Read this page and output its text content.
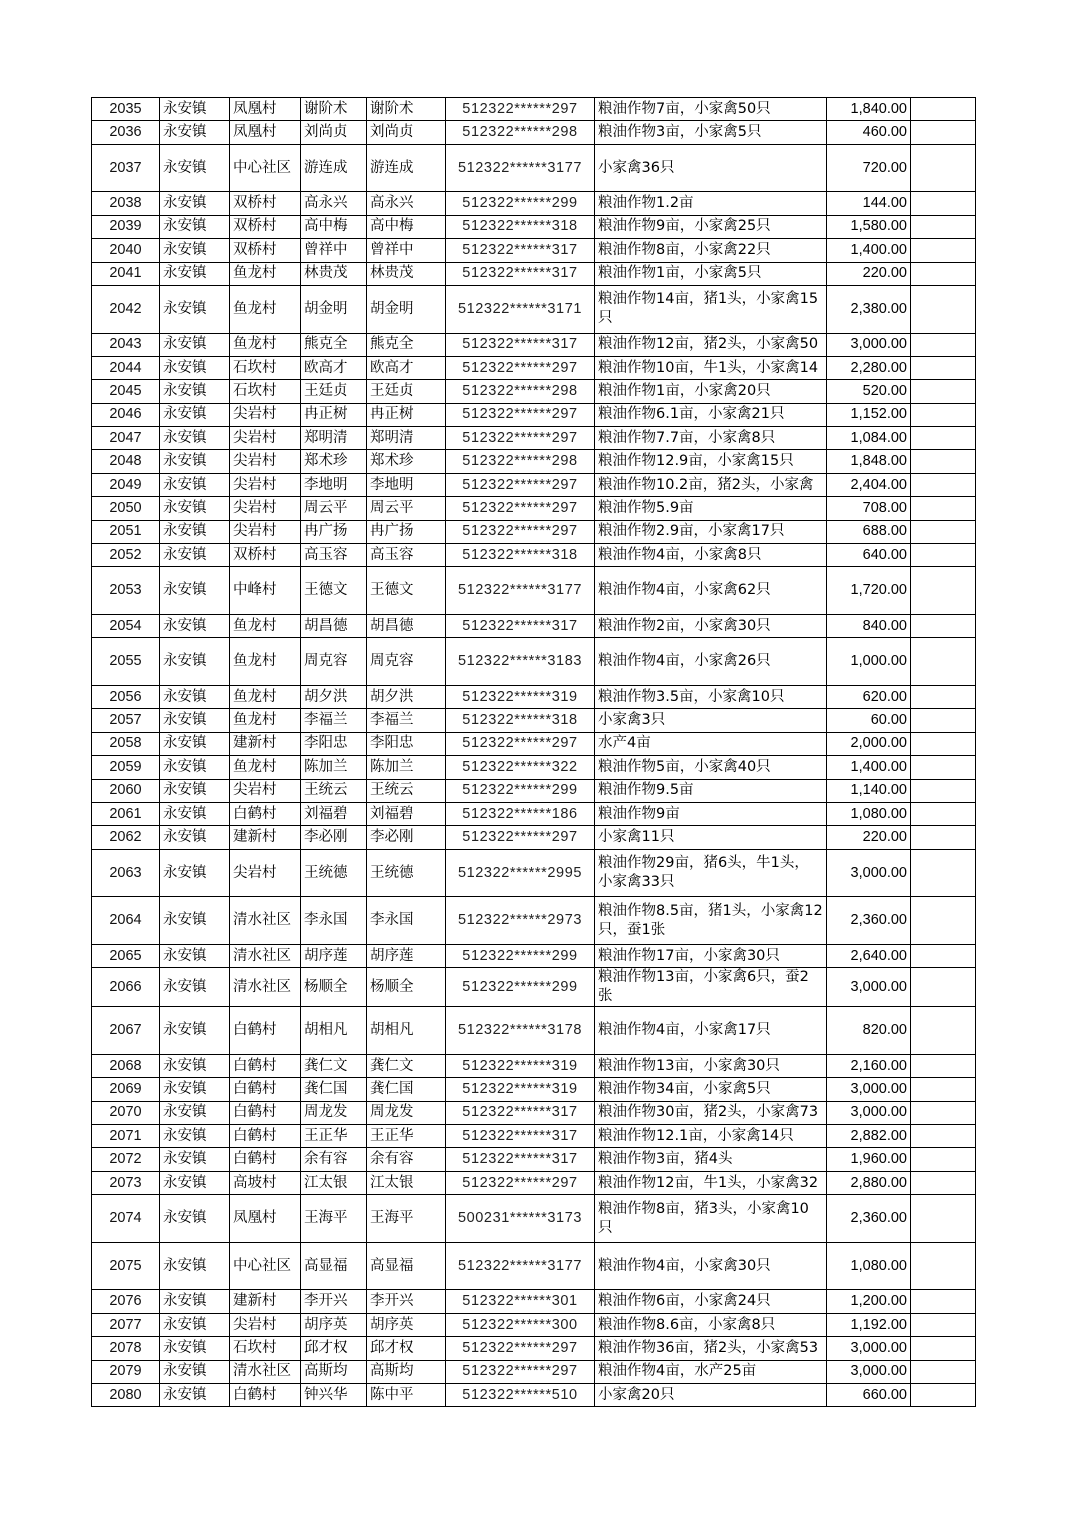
2035	永安镇	凤凰村	谢阶术	谢阶术	512322******297	粮油作物7亩，小家禽50只	1,840.00	
2036	永安镇	凤凰村	刘尚贞	刘尚贞	512322******298	粮油作物3亩，小家禽5只	460.00	
2037	永安镇	中心社区	游连成	游连成	512322******3177	小家禽36只	720.00	
2038	永安镇	双桥村	高永兴	高永兴	512322******299	粮油作物1.2亩	144.00	
2039	永安镇	双桥村	高中梅	高中梅	512322******318	粮油作物9亩，小家禽25只	1,580.00	
2040	永安镇	双桥村	曾祥中	曾祥中	512322******317	粮油作物8亩，小家禽22只	1,400.00	
2041	永安镇	鱼龙村	林贵茂	林贵茂	512322******317	粮油作物1亩，小家禽5只	220.00	
2042	永安镇	鱼龙村	胡金明	胡金明	512322******3171	粮油作物14亩，猪1头，小家禽15只	2,380.00	
2043	永安镇	鱼龙村	熊克全	熊克全	512322******317	粮油作物12亩，猪2头，小家禽50	3,000.00	
2044	永安镇	石坎村	欧高才	欧高才	512322******297	粮油作物10亩，牛1头，小家禽14	2,280.00	
2045	永安镇	石坎村	王廷贞	王廷贞	512322******298	粮油作物1亩，小家禽20只	520.00	
2046	永安镇	尖岩村	冉正树	冉正树	512322******297	粮油作物6.1亩，小家禽21只	1,152.00	
2047	永安镇	尖岩村	郑明清	郑明清	512322******297	粮油作物7.7亩，小家禽8只	1,084.00	
2048	永安镇	尖岩村	郑术珍	郑术珍	512322******298	粮油作物12.9亩，小家禽15只	1,848.00	
2049	永安镇	尖岩村	李地明	李地明	512322******297	粮油作物10.2亩，猪2头，小家禽	2,404.00	
2050	永安镇	尖岩村	周云平	周云平	512322******297	粮油作物5.9亩	708.00	
2051	永安镇	尖岩村	冉广扬	冉广扬	512322******297	粮油作物2.9亩，小家禽17只	688.00	
2052	永安镇	双桥村	高玉容	高玉容	512322******318	粮油作物4亩，小家禽8只	640.00	
2053	永安镇	中峰村	王德文	王德文	512322******3177	粮油作物4亩，小家禽62只	1,720.00	
2054	永安镇	鱼龙村	胡昌德	胡昌德	512322******317	粮油作物2亩，小家禽30只	840.00	
2055	永安镇	鱼龙村	周克容	周克容	512322******3183	粮油作物4亩，小家禽26只	1,000.00	
2056	永安镇	鱼龙村	胡夕洪	胡夕洪	512322******319	粮油作物3.5亩，小家禽10只	620.00	
2057	永安镇	鱼龙村	李福兰	李福兰	512322******318	小家禽3只	60.00	
2058	永安镇	建新村	李阳忠	李阳忠	512322******297	水产4亩	2,000.00	
2059	永安镇	鱼龙村	陈加兰	陈加兰	512322******322	粮油作物5亩，小家禽40只	1,400.00	
2060	永安镇	尖岩村	王统云	王统云	512322******299	粮油作物9.5亩	1,140.00	
2061	永安镇	白鹤村	刘福碧	刘福碧	512322******186	粮油作物9亩	1,080.00	
2062	永安镇	建新村	李必刚	李必刚	512322******297	小家禽11只	220.00	
2063	永安镇	尖岩村	王统德	王统德	512322******2995	粮油作物29亩，猪6头，牛1头，小家禽33只	3,000.00	
2064	永安镇	清水社区	李永国	李永国	512322******2973	粮油作物8.5亩，猪1头，小家禽12只，蚕1张	2,360.00	
2065	永安镇	清水社区	胡序莲	胡序莲	512322******299	粮油作物17亩，小家禽30只	2,640.00	
2066	永安镇	清水社区	杨顺全	杨顺全	512322******299	粮油作物13亩，小家禽6只，蚕2张	3,000.00	
2067	永安镇	白鹤村	胡相凡	胡相凡	512322******3178	粮油作物4亩，小家禽17只	820.00	
2068	永安镇	白鹤村	龚仁文	龚仁文	512322******319	粮油作物13亩，小家禽30只	2,160.00	
2069	永安镇	白鹤村	龚仁国	龚仁国	512322******319	粮油作物34亩，小家禽5只	3,000.00	
2070	永安镇	白鹤村	周龙发	周龙发	512322******317	粮油作物30亩，猪2头，小家禽73	3,000.00	
2071	永安镇	白鹤村	王正华	王正华	512322******317	粮油作物12.1亩，小家禽14只	2,882.00	
2072	永安镇	白鹤村	余有容	余有容	512322******317	粮油作物3亩，猪4头	1,960.00	
2073	永安镇	高坡村	江太银	江太银	512322******297	粮油作物12亩，牛1头，小家禽32	2,880.00	
2074	永安镇	凤凰村	王海平	王海平	500231******3173	粮油作物8亩，猪3头，小家禽10只	2,360.00	
2075	永安镇	中心社区	高显福	高显福	512322******3177	粮油作物4亩，小家禽30只	1,080.00	
2076	永安镇	建新村	李开兴	李开兴	512322******301	粮油作物6亩，小家禽24只	1,200.00	
2077	永安镇	尖岩村	胡序英	胡序英	512322******300	粮油作物8.6亩，小家禽8只	1,192.00	
2078	永安镇	石坎村	邱才权	邱才权	512322******297	粮油作物36亩，猪2头，小家禽53	3,000.00	
2079	永安镇	清水社区	高斯均	高斯均	512322******297	粮油作物4亩，水产25亩	3,000.00	
2080	永安镇	白鹤村	钟兴华	陈中平	512322******510	小家禽20只	660.00	
